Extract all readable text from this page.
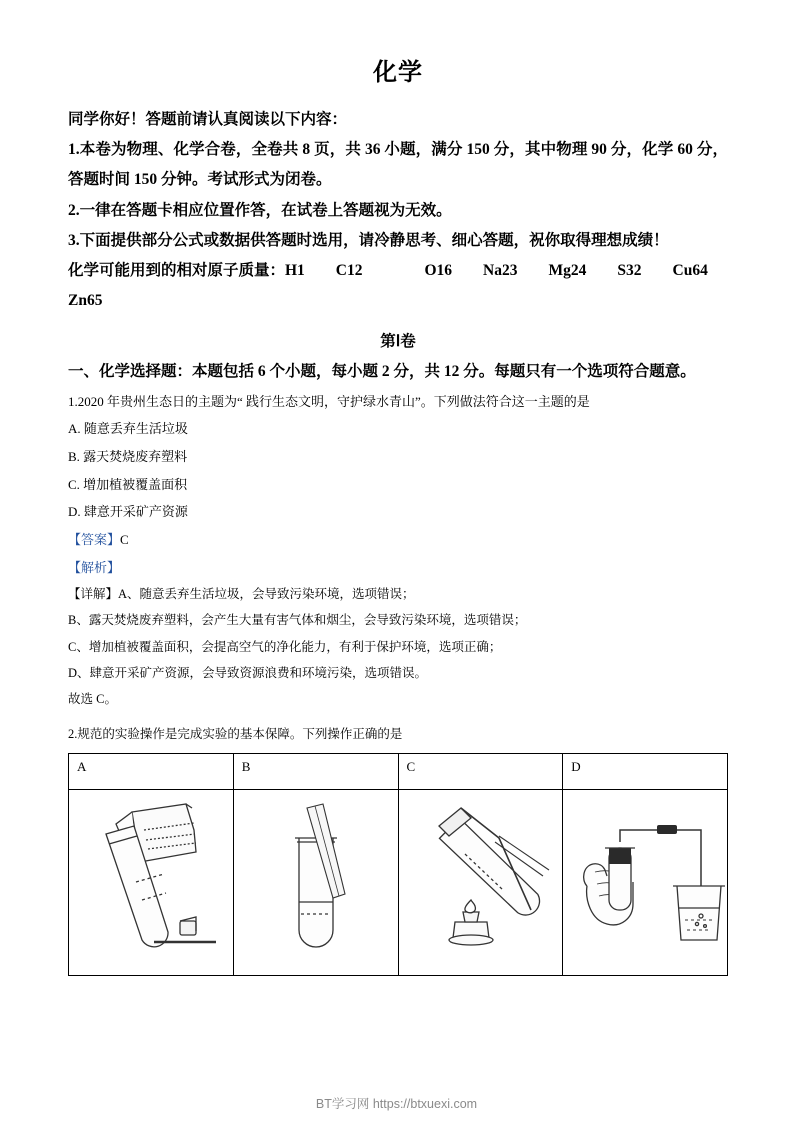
化学

同学你好！答题前请认真阅读以下内容：

1.本卷为物理、化学合卷，全卷共 8 页，共 36 小题，满分 150 分，其中物理 90 分，化学 60 分，答题时间 150 分钟。考试形式为闭卷。

2.一律在答题卡相应位置作答，在试卷上答题视为无效。

3.下面提供部分公式或数据供答题时选用，请冷静思考、细心答题，祝你取得理想成绩！

化学可能用到的相对原子质量：H1  C12    O16  Na23  Mg24  S32  Cu64

Zn65

第Ⅰ卷

一、化学选择题：本题包括 6 个小题，每小题 2 分，共 12 分。每题只有一个选项符合题意。

1.2020 年贵州生态日的主题为“ 践行生态文明，守护绿水青山”。下列做法符合这一主题的是

A. 随意丢弃生活垃圾

B. 露天焚烧废弃塑料

C. 增加植被覆盖面积

D. 肆意开采矿产资源

【答案】C

【解析】

【详解】A、随意丢弃生活垃圾，会导致污染环境，选项错误；

B、露天焚烧废弃塑料，会产生大量有害气体和烟尘，会导致污染环境，选项错误；

C、增加植被覆盖面积，会提高空气的净化能力，有利于保护环境，选项正确；

D、肆意开采矿产资源，会导致资源浪费和环境污染，选项错误。

故选 C。

2.规范的实验操作是完成实验的基本保障。下列操作正确的是

A	B	C	D

BT学习网 https://btxuexi.com
